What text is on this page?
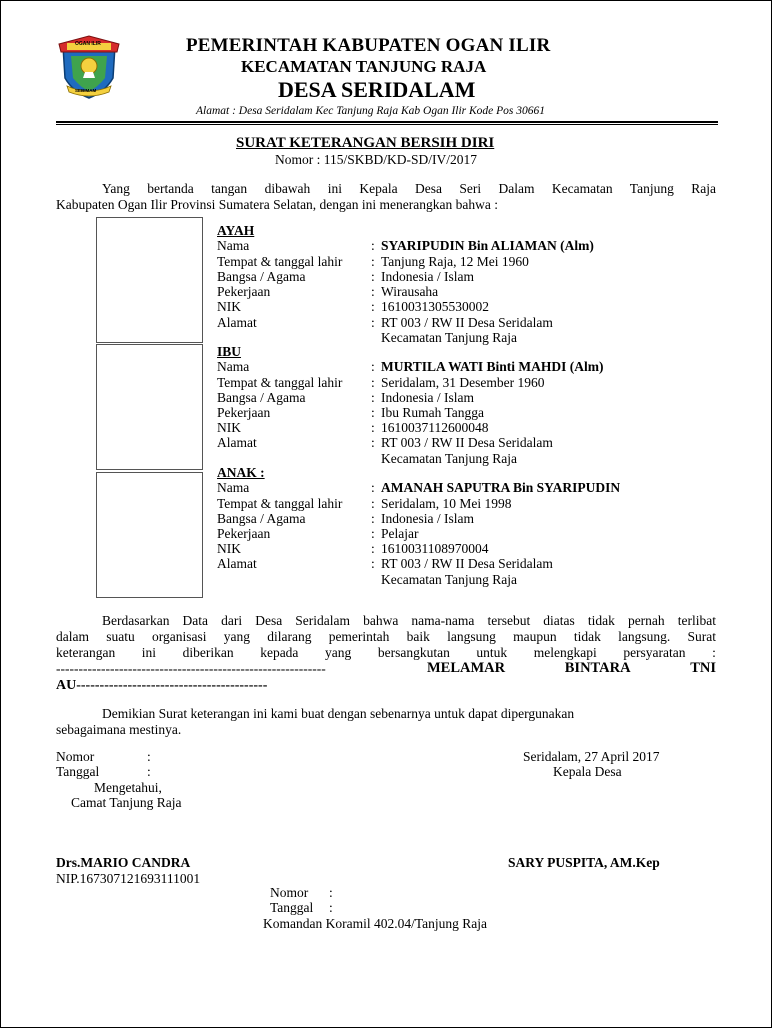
OGAN ILIR
SEBIMAM
PEMERINTAH KABUPATEN OGAN ILIR
KECAMATAN TANJUNG RAJA
DESA SERIDALAM
Alamat : Desa Seridalam Kec Tanjung Raja Kab Ogan Ilir Kode Pos 30661
SURAT KETERANGAN BERSIH DIRI
Nomor : 115/SKBD/KD-SD/IV/2017
Yang bertanda tangan dibawah ini Kepala Desa Seri Dalam Kecamatan Tanjung Raja
Kabupaten Ogan Ilir Provinsi Sumatera Selatan, dengan ini menerangkan bahwa :
AYAH
Nama	: SYARIPUDIN Bin ALIAMAN (Alm)
Tempat & tanggal lahir : Tanjung Raja, 12 Mei 1960
Bangsa / Agama	: Indonesia / Islam
Pekerjaan	: Wirausaha
NIK	: 1610031305530002
Alamat	: RT 003 / RW II Desa Seridalam
Kecamatan Tanjung Raja
IBU
Nama	: MURTILA WATI Binti MAHDI (Alm)
Tempat & tanggal lahir : Seridalam, 31 Desember 1960
Bangsa / Agama	: Indonesia / Islam
Pekerjaan	: Ibu Rumah Tangga
NIK	: 1610037112600048
Alamat	: RT 003 / RW II Desa Seridalam
Kecamatan Tanjung Raja
ANAK :
Nama	: AMANAH SAPUTRA Bin SYARIPUDIN
Tempat & tanggal lahir : Seridalam, 10 Mei 1998
Bangsa / Agama	: Indonesia / Islam
Pekerjaan	: Pelajar
NIK	: 1610031108970004
Alamat	: RT 003 / RW II Desa Seridalam
Kecamatan Tanjung Raja
Berdasarkan Data dari Desa Seridalam bahwa nama-nama tersebut diatas tidak pernah terlibat
dalam suatu organisasi yang dilarang pemerintah baik langsung maupun tidak langsung. Surat
keterangan ini diberikan kepada yang bersangkutan untuk melengkapi persyaratan :
------------------------------------------------------------	MELAMAR	BINTARA	TNI
AU-----------------------------------------
Demikian Surat keterangan ini kami buat dengan sebenarnya untuk dapat dipergunakan
sebagaimana mestinya.
Nomor	:
Tanggal	:
Mengetahui,
Camat Tanjung Raja
Seridalam, 27 April 2017
Kepala Desa
Drs.MARIO CANDRA
NIP.167307121693111001
SARY PUSPITA, AM.Kep
Nomor :
Tanggal :
Komandan Koramil 402.04/Tanjung Raja
